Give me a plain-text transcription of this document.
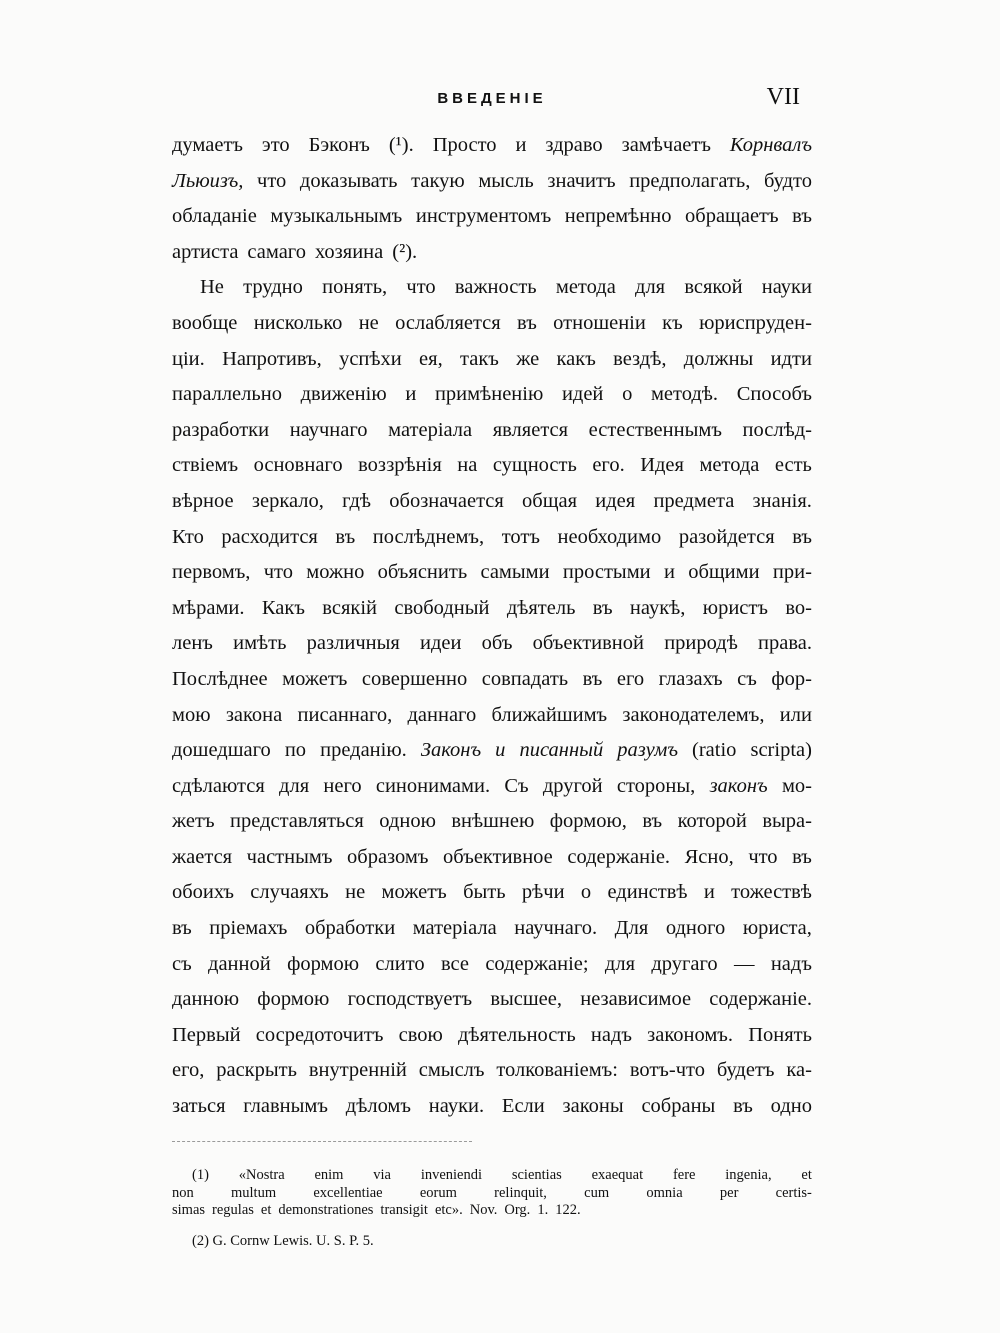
ВВЕДЕНІЕ	VII
думаетъ это Бэконъ (¹). Просто и здраво замѣчаетъ Корнвалъ
Льюизъ, что доказывать такую мысль значитъ предполагать, будто
обладаніе музыкальнымъ инструментомъ непремѣнно обращаетъ въ
артиста самаго хозяина (²).
Не трудно понять, что важность метода для всякой науки
вообще нисколько не ослабляется въ отношеніи къ юриспруден-
ціи. Напротивъ, успѣхи ея, такъ же какъ вездѣ, должны идти
параллельно движенію и примѣненію идей о методѣ. Способъ
разработки научнаго матеріала является естественнымъ послѣд-
ствіемъ основнаго воззрѣнія на сущность его. Идея метода есть
вѣрное зеркало, гдѣ обозначается общая идея предмета знанія.
Кто расходится въ послѣднемъ, тотъ необходимо разойдется въ
первомъ, что можно объяснить самыми простыми и общими при-
мѣрами. Какъ всякій свободный дѣятель въ наукѣ, юристъ во-
ленъ имѣть различныя идеи объ объективной природѣ права.
Послѣднее можетъ совершенно совпадать въ его глазахъ съ фор-
мою закона писаннаго, даннаго ближайшимъ законодателемъ, или
дошедшаго по преданію. Законъ и писанный разумъ (ratio scripta)
сдѣлаются для него синонимами. Съ другой стороны, законъ мо-
жетъ представляться одною внѣшнею формою, въ которой выра-
жается частнымъ образомъ объективное содержаніе. Ясно, что въ
обоихъ случаяхъ не можетъ быть рѣчи о единствѣ и тожествѣ
въ пріемахъ обработки матеріала научнаго. Для одного юриста,
съ данной формою слито все содержаніе; для другаго — надъ
данною формою господствуетъ высшее, независимое содержаніе.
Первый сосредоточитъ свою дѣятельность надъ закономъ. Понять
его, раскрыть внутренній смыслъ толкованіемъ: вотъ-что будетъ ка-
заться главнымъ дѣломъ науки. Если законы собраны въ одно
(1) «Nostra enim via inveniendi scientias exaequat fere ingenia, et
non	multum	excellentiae	eorum	relinquit,	cum	omnia	per	certis-
simas regulas et demonstrationes transigit etc». Nov. Org. 1. 122.
(2) G. Cornw Lewis. U. S. P. 5.
